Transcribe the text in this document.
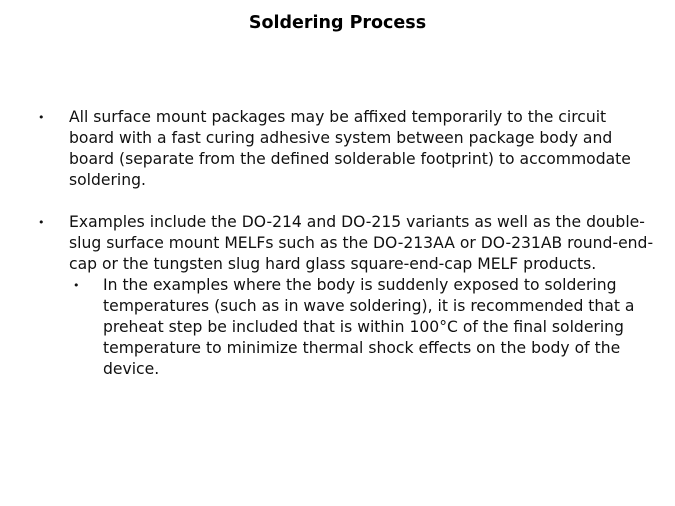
Soldering Process
• All surface mount packages may be affixed temporarily to the circuit board with a fast curing adhesive system between package body and board (separate from the defined solderable footprint) to accommodate soldering.
• Examples include the DO-214 and DO-215 variants as well as the double-slug surface mount MELFs such as the DO-213AA or DO-231AB round-end-cap or the tungsten slug hard glass square-end-cap MELF products.
• In the examples where the body is suddenly exposed to soldering temperatures (such as in wave soldering), it is recommended that a preheat step be included that is within 100°C of the final soldering temperature to minimize thermal shock effects on the body of the device.
